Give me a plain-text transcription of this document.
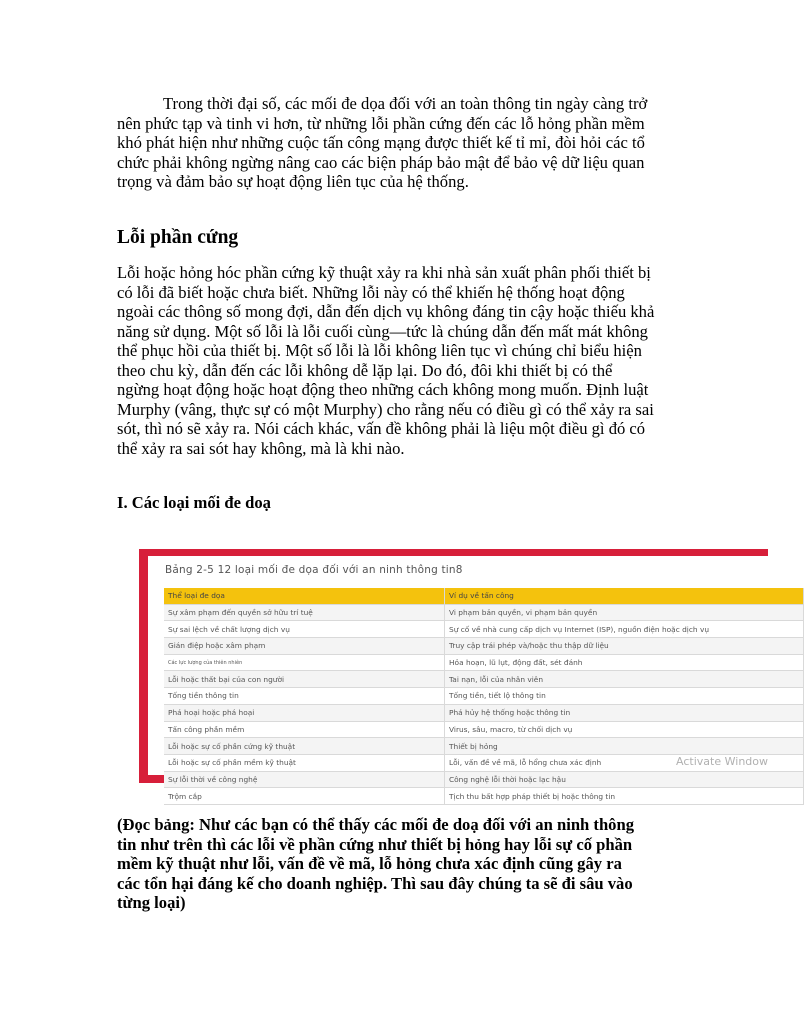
Trong thời đại số, các mối đe dọa đối với an toàn thông tin ngày càng trở nên phức tạp và tinh vi hơn, từ những lỗi phần cứng đến các lỗ hỏng phần mềm khó phát hiện như những cuộc tấn công mạng được thiết kế tỉ mỉ, đòi hỏi các tổ chức phải không ngừng nâng cao các biện pháp bảo mật để bảo vệ dữ liệu quan trọng và đảm bảo sự hoạt động liên tục của hệ thống.

Lỗi phần cứng

Lỗi hoặc hỏng hóc phần cứng kỹ thuật xảy ra khi nhà sản xuất phân phối thiết bị có lỗi đã biết hoặc chưa biết. Những lỗi này có thể khiến hệ thống hoạt động ngoài các thông số mong đợi, dẫn đến dịch vụ không đáng tin cậy hoặc thiếu khả năng sử dụng. Một số lỗi là lỗi cuối cùng—tức là chúng dẫn đến mất mát không thể phục hồi của thiết bị. Một số lỗi là lỗi không liên tục vì chúng chỉ biểu hiện theo chu kỳ, dẫn đến các lỗi không dễ lặp lại. Do đó, đôi khi thiết bị có thể ngừng hoạt động hoặc hoạt động theo những cách không mong muốn. Định luật Murphy (vâng, thực sự có một Murphy) cho rằng nếu có điều gì có thể xảy ra sai sót, thì nó sẽ xảy ra. Nói cách khác, vấn đề không phải là liệu một điều gì đó có thể xảy ra sai sót hay không, mà là khi nào.

I. Các loại mối đe doạ
Bảng 2-5 12 loại mối đe dọa đối với an ninh thông tin8
Thể loại đe dọa	Ví dụ về tấn công
Sự xâm phạm đến quyền sở hữu trí tuệ	Vi phạm bản quyền, vi phạm bản quyền
Sự sai lệch về chất lượng dịch vụ	Sự cố về nhà cung cấp dịch vụ Internet (ISP), nguồn điện hoặc dịch vụ
Gián điệp hoặc xâm phạm	Truy cập trái phép và/hoặc thu thập dữ liệu
Các lực lượng của thiên nhiên	Hỏa hoạn, lũ lụt, động đất, sét đánh
Lỗi hoặc thất bại của con người	Tai nạn, lỗi của nhân viên
Tống tiền thông tin	Tống tiền, tiết lộ thông tin
Phá hoại hoặc phá hoại	Phá hủy hệ thống hoặc thông tin
Tấn công phần mềm	Virus, sâu, macro, từ chối dịch vụ
Lỗi hoặc sự cố phần cứng kỹ thuật	Thiết bị hỏng
Lỗi hoặc sự cố phần mềm kỹ thuật	Lỗi, vấn đề về mã, lỗ hổng chưa xác định
Sự lỗi thời về công nghệ	Công nghệ lỗi thời hoặc lạc hậu
Trộm cắp	Tịch thu bất hợp pháp thiết bị hoặc thông tin
Activate Window

(Đọc bảng: Như các bạn có thể thấy các mối đe doạ đối với an ninh thông tin như trên thì các lỗi về phần cứng như thiết bị hỏng hay lỗi sự cố phần mềm kỹ thuật như lỗi, vấn đề về mã, lỗ hỏng chưa xác định cũng gây ra các tổn hại đáng kế cho doanh nghiệp. Thì sau đây chúng ta sẽ đi sâu vào từng loại)
